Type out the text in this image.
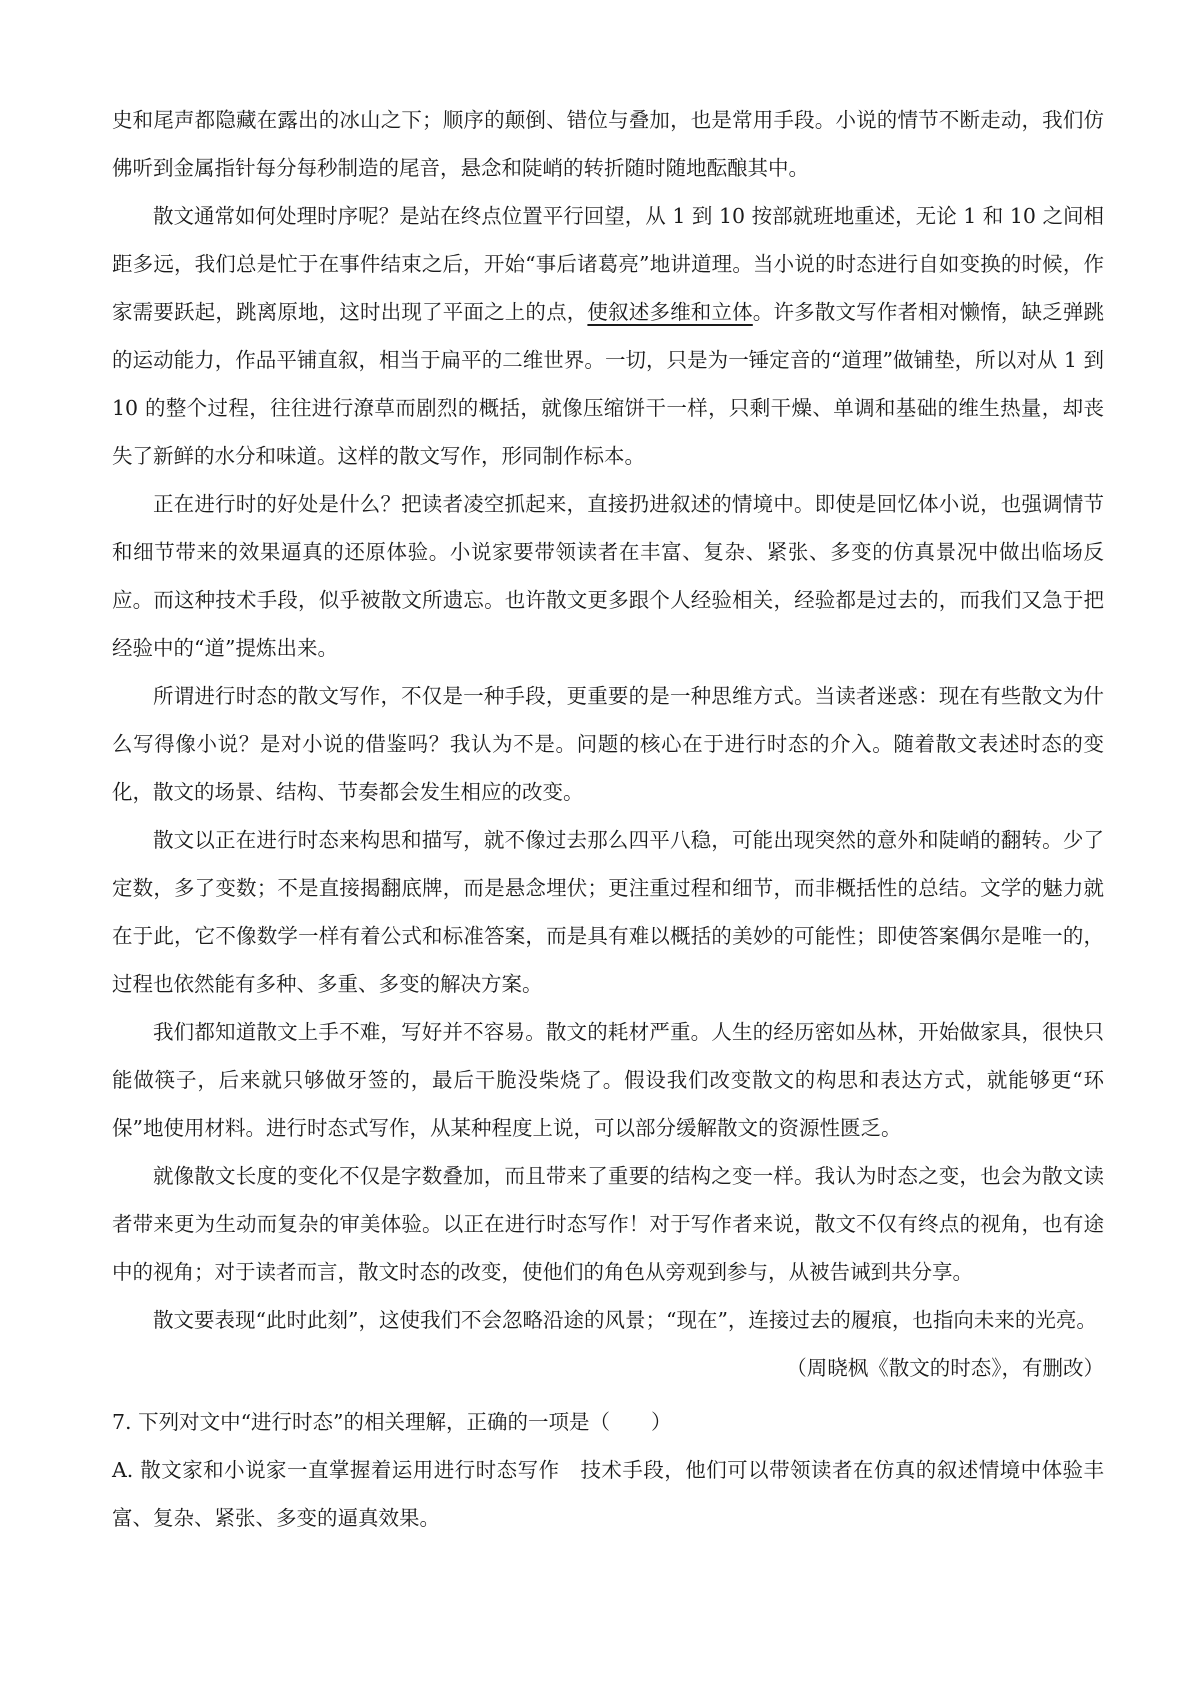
史和尾声都隐藏在露出的冰山之下；顺序的颠倒、错位与叠加，也是常用手段。小说的情节不断走动，我们仿佛听到金属指针每分每秒制造的尾音，悬念和陡峭的转折随时随地酝酿其中。

散文通常如何处理时序呢？是站在终点位置平行回望，从 1 到 10 按部就班地重述，无论 1 和 10 之间相距多远，我们总是忙于在事件结束之后，开始“事后诸葛亮”地讲道理。当小说的时态进行自如变换的时候，作家需要跃起，跳离原地，这时出现了平面之上的点，使叙述多维和立体。许多散文写作者相对懒惰，缺乏弹跳的运动能力，作品平铺直叙，相当于扁平的二维世界。一切，只是为一锤定音的“道理”做铺垫，所以对从 1 到 10 的整个过程，往往进行潦草而剧烈的概括，就像压缩饼干一样，只剩干燥、单调和基础的维生热量，却丧失了新鲜的水分和味道。这样的散文写作，形同制作标本。

正在进行时的好处是什么？把读者凌空抓起来，直接扔进叙述的情境中。即使是回忆体小说，也强调情节和细节带来的效果逼真的还原体验。小说家要带领读者在丰富、复杂、紧张、多变的仿真景况中做出临场反应。而这种技术手段，似乎被散文所遗忘。也许散文更多跟个人经验相关，经验都是过去的，而我们又急于把经验中的“道”提炼出来。

所谓进行时态的散文写作，不仅是一种手段，更重要的是一种思维方式。当读者迷惑：现在有些散文为什么写得像小说？是对小说的借鉴吗？我认为不是。问题的核心在于进行时态的介入。随着散文表述时态的变化，散文的场景、结构、节奏都会发生相应的改变。

散文以正在进行时态来构思和描写，就不像过去那么四平八稳，可能出现突然的意外和陡峭的翻转。少了定数，多了变数；不是直接揭翻底牌，而是悬念埋伏；更注重过程和细节，而非概括性的总结。文学的魅力就在于此，它不像数学一样有着公式和标准答案，而是具有难以概括的美妙的可能性；即使答案偶尔是唯一的，过程也依然能有多种、多重、多变的解决方案。

我们都知道散文上手不难，写好并不容易。散文的耗材严重。人生的经历密如丛林，开始做家具，很快只能做筷子，后来就只够做牙签的，最后干脆没柴烧了。假设我们改变散文的构思和表达方式，就能够更“环保”地使用材料。进行时态式写作，从某种程度上说，可以部分缓解散文的资源性匮乏。

就像散文长度的变化不仅是字数叠加，而且带来了重要的结构之变一样。我认为时态之变，也会为散文读者带来更为生动而复杂的审美体验。以正在进行时态写作！对于写作者来说，散文不仅有终点的视角，也有途中的视角；对于读者而言，散文时态的改变，使他们的角色从旁观到参与，从被告诫到共分享。

散文要表现“此时此刻”，这使我们不会忽略沿途的风景；“现在”，连接过去的履痕，也指向未来的光亮。

（周晓枫《散文的时态》，有删改）

7. 下列对文中“进行时态”的相关理解，正确的一项是（　　）

A. 散文家和小说家一直掌握着运用进行时态写作　技术手段，他们可以带领读者在仿真的叙述情境中体验丰富、复杂、紧张、多变的逼真效果。
